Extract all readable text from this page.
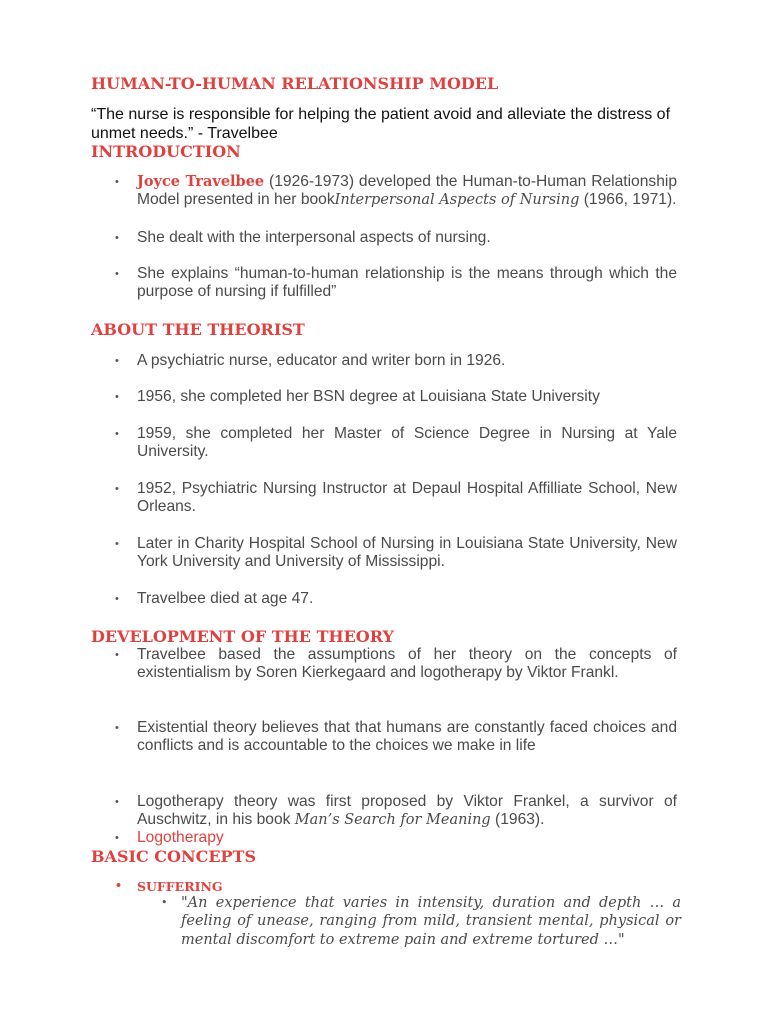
HUMAN-TO-HUMAN RELATIONSHIP MODEL

“The nurse is responsible for helping the patient avoid and alleviate the distress of unmet needs.” - Travelbee

INTRODUCTION
• Joyce Travelbee (1926-1973) developed the Human-to-Human Relationship Model presented in her bookInterpersonal Aspects of Nursing (1966, 1971).
• She dealt with the interpersonal aspects of nursing.
• She explains “human-to-human relationship is the means through which the purpose of nursing if fulfilled”
ABOUT THE THEORIST
• A psychiatric nurse, educator and writer born in 1926.
• 1956, she completed her BSN degree at Louisiana State University
• 1959, she completed her Master of Science Degree in Nursing at Yale University.
• 1952, Psychiatric Nursing Instructor at Depaul Hospital Affilliate School, New Orleans.
• Later in Charity Hospital School of Nursing in Louisiana State University, New York University and University of Mississippi.
• Travelbee died at age 47.
DEVELOPMENT OF THE THEORY
• Travelbee based the assumptions of her theory on the concepts of existentialism by Soren Kierkegaard and logotherapy by Viktor Frankl.
• Existential theory believes that that humans are constantly faced choices and conflicts and is accountable to the choices we make in life
• Logotherapy theory was first proposed by Viktor Frankel, a survivor of Auschwitz, in his book Man’s Search for Meaning (1963).
• Logotherapy
BASIC CONCEPTS
• SUFFERING
• "An experience that varies in intensity, duration and depth … a feeling of unease, ranging from mild, transient mental, physical or mental discomfort to extreme pain and extreme tortured …"
